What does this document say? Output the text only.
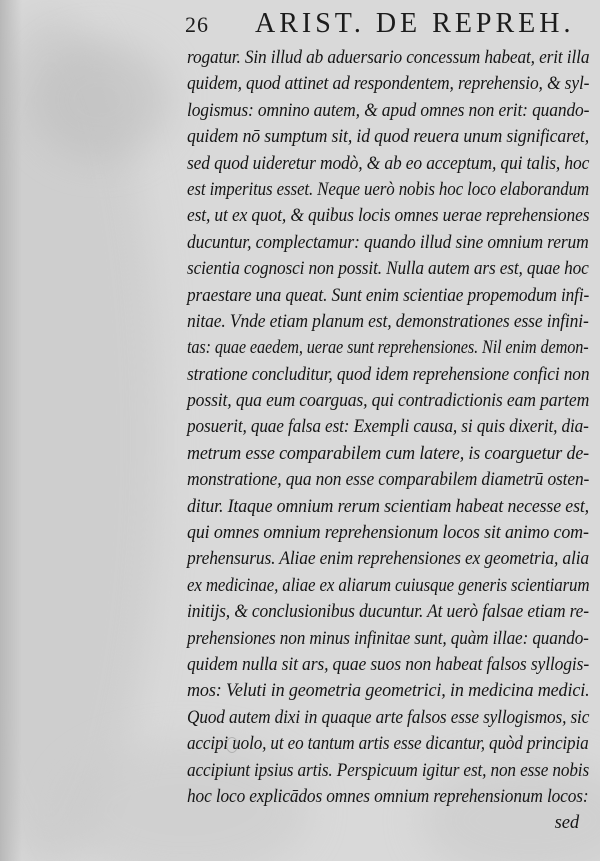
26 ARIST. DE REPREH.
rogatur. Sin illud ab aduersario concessum habeat, erit illa
quidem, quod attinet ad respondentem, reprehensio, & syl-
logismus: omnino autem, & apud omnes non erit: quando-
quidem nō sumptum sit, id quod reuera unum significaret,
sed quod uideretur modò, & ab eo acceptum, qui talis, hoc
est imperitus esset. Neque uerò nobis hoc loco elaborandum
est, ut ex quot, & quibus locis omnes uerae reprehensiones
ducuntur, complectamur: quando illud sine omnium rerum
scientia cognosci non possit. Nulla autem ars est, quae hoc
praestare una queat. Sunt enim scientiae propemodum infi-
nitae. Vnde etiam planum est, demonstrationes esse infini-
tas: quae eaedem, uerae sunt reprehensiones. Nil enim demon-
stratione concluditur, quod idem reprehensione confici non
possit, qua eum coarguas, qui contradictionis eam partem
posuerit, quae falsa est: Exempli causa, si quis dixerit, dia-
metrum esse comparabilem cum latere, is coarguetur de-
monstratione, qua non esse comparabilem diametrū osten-
ditur. Itaque omnium rerum scientiam habeat necesse est,
qui omnes omnium reprehensionum locos sit animo com-
prehensurus. Aliae enim reprehensiones ex geometria, alia
ex medicinae, aliae ex aliarum cuiusque generis scientiarum
initijs, & conclusionibus ducuntur. At uerò falsae etiam re-
prehensiones non minus infinitae sunt, quàm illae: quando-
quidem nulla sit ars, quae suos non habeat falsos syllogis-
mos: Veluti in geometria geometrici, in medicina medici.
Quod autem dixi in quaque arte falsos esse syllogismos, sic
accipi uolo, ut eo tantum artis esse dicantur, quòd principia
accipiunt ipsius artis. Perspicuum igitur est, non esse nobis
hoc loco explicādos omnes omnium reprehensionum locos:
sed
